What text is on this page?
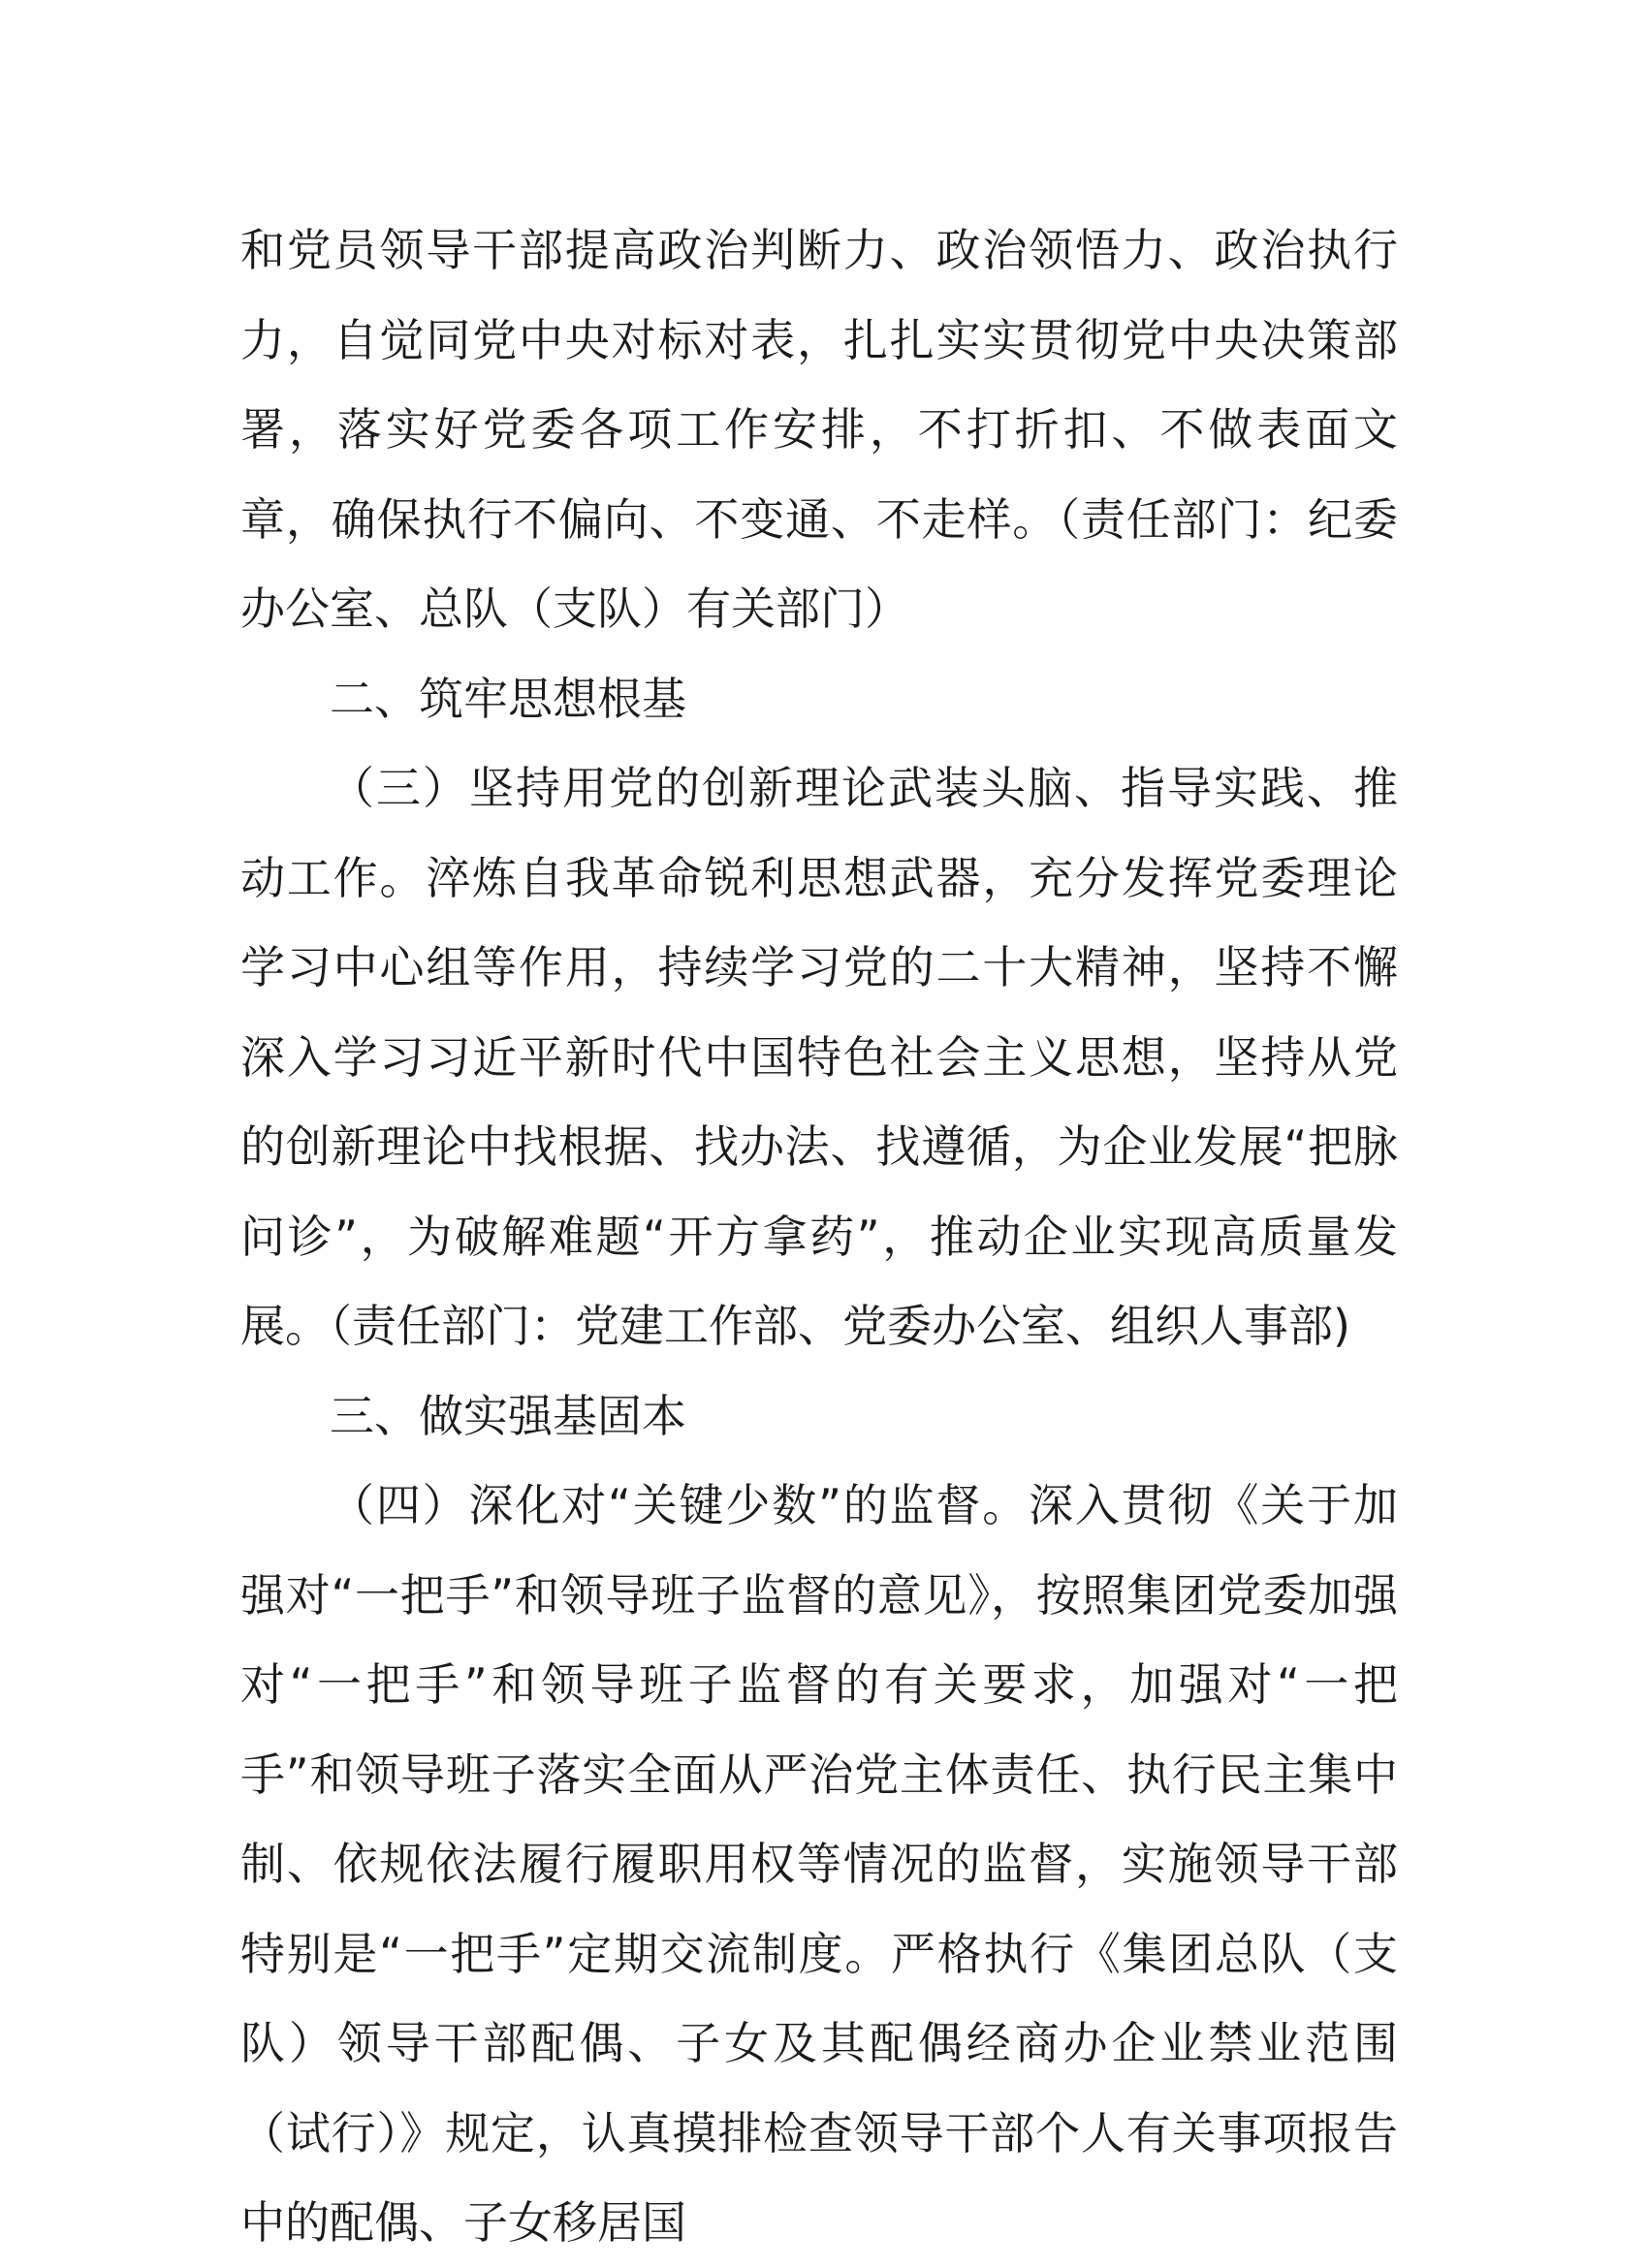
和党员领导干部提高政治判断力、政治领悟力、政治执行力，自觉同党中央对标对表，扎扎实实贯彻党中央决策部署，落实好党委各项工作安排，不打折扣、不做表面文章，确保执行不偏向、不变通、不走样。（责任部门：纪委办公室、总队（支队）有关部门）

二、筑牢思想根基

（三）坚持用党的创新理论武装头脑、指导实践、推动工作。淬炼自我革命锐利思想武器，充分发挥党委理论学习中心组等作用，持续学习党的二十大精神，坚持不懈深入学习习近平新时代中国特色社会主义思想，坚持从党的创新理论中找根据、找办法、找遵循，为企业发展“把脉问诊”，为破解难题“开方拿药”，推动企业实现高质量发展。（责任部门：党建工作部、党委办公室、组织人事部)

三、做实强基固本

（四）深化对“关键少数”的监督。深入贯彻《关于加强对“一把手”和领导班子监督的意见》，按照集团党委加强对“一把手”和领导班子监督的有关要求，加强对“一把手”和领导班子落实全面从严治党主体责任、执行民主集中制、依规依法履行履职用权等情况的监督，实施领导干部特别是“一把手”定期交流制度。严格执行《集团总队（支队）领导干部配偶、子女及其配偶经商办企业禁业范围（试行）》规定，认真摸排检查领导干部个人有关事项报告中的配偶、子女移居国
